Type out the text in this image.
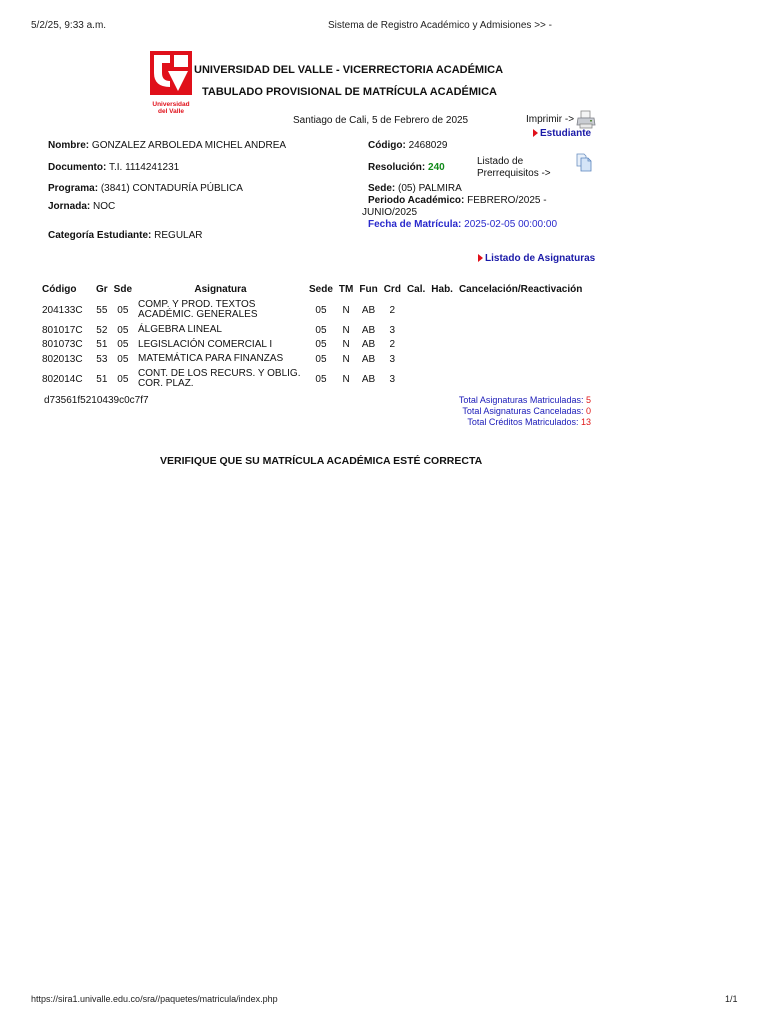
5/2/25, 9:33 a.m.	Sistema de Registro Académico y Admisiones >> -
Universidad
del Valle
UNIVERSIDAD DEL VALLE - VICERRECTORIA ACADÉMICA
TABULADO PROVISIONAL DE MATRÍCULA ACADÉMICA
Santiago de Cali, 5 de Febrero de 2025	Imprimir ->
Estudiante
Nombre: GONZALEZ ARBOLEDA MICHEL ANDREA
Documento: T.I. 1114241231
Programa: (3841) CONTADURÍA PÚBLICA
Jornada: NOC
Categoría Estudiante: REGULAR
Código: 2468029
Resolución: 240
Listado de
Prerrequisitos ->
Sede: (05) PALMIRA
Periodo Académico: FEBRERO/2025 -
JUNIO/2025
Fecha de Matrícula: 2025-02-05 00:00:00
Listado de Asignaturas
Código	Gr	Sde	Asignatura	Sede	TM	Fun	Crd	Cal.	Hab.	Cancelación/Reactivación
204133C	55	05	COMP. Y PROD. TEXTOS ACADÉMIC. GENERALES	05	N	AB	2			
801017C	52	05	ÁLGEBRA LINEAL	05	N	AB	3			
801073C	51	05	LEGISLACIÓN COMERCIAL I	05	N	AB	2			
802013C	53	05	MATEMÁTICA PARA FINANZAS	05	N	AB	3			
802014C	51	05	CONT. DE LOS RECURS. Y OBLIG. COR. PLAZ.	05	N	AB	3			
d73561f5210439c0c7f7	Total Asignaturas Matriculadas: 5
Total Asignaturas Canceladas: 0
Total Créditos Matriculados: 13
VERIFIQUE QUE SU MATRÍCULA ACADÉMICA ESTÉ CORRECTA
https://sira1.univalle.edu.co/sra//paquetes/matricula/index.php	1/1
